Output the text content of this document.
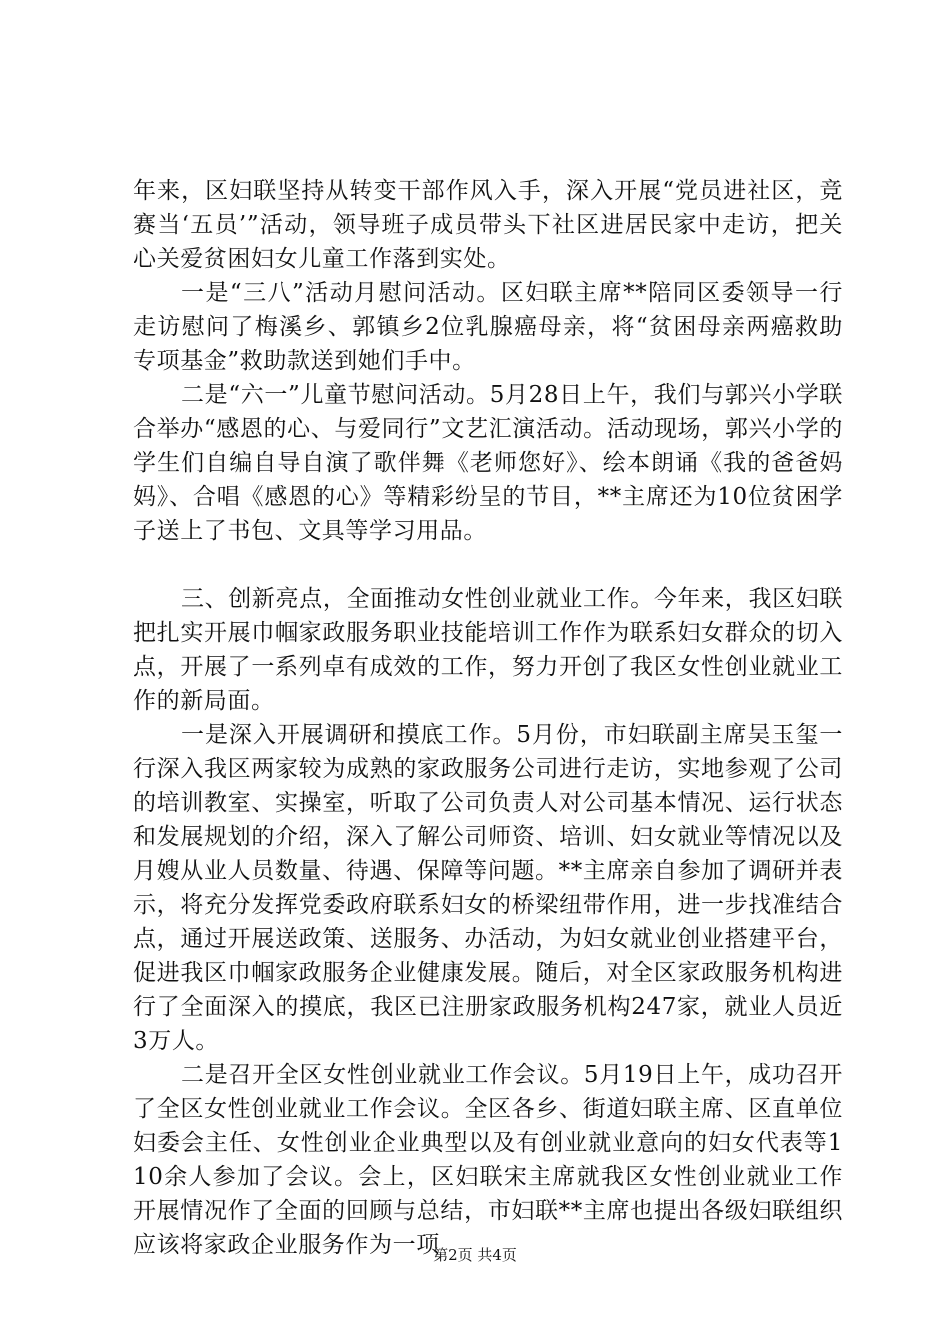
年来，区妇联坚持从转变干部作风入手，深入开展“党员进社区，竞赛当‘五员’”活动，领导班子成员带头下社区进居民家中走访，把关心关爱贫困妇女儿童工作落到实处。

一是“三八”活动月慰问活动。区妇联主席**陪同区委领导一行走访慰问了梅溪乡、郭镇乡2位乳腺癌母亲，将“贫困母亲两癌救助专项基金”救助款送到她们手中。

二是“六一”儿童节慰问活动。5月28日上午，我们与郭兴小学联合举办“感恩的心、与爱同行”文艺汇演活动。活动现场，郭兴小学的学生们自编自导自演了歌伴舞《老师您好》、绘本朗诵《我的爸爸妈妈》、合唱《感恩的心》等精彩纷呈的节目，**主席还为10位贫困学子送上了书包、文具等学习用品。

三、创新亮点，全面推动女性创业就业工作。今年来，我区妇联把扎实开展巾帼家政服务职业技能培训工作作为联系妇女群众的切入点，开展了一系列卓有成效的工作，努力开创了我区女性创业就业工作的新局面。

一是深入开展调研和摸底工作。5月份，市妇联副主席吴玉玺一行深入我区两家较为成熟的家政服务公司进行走访，实地参观了公司的培训教室、实操室，听取了公司负责人对公司基本情况、运行状态和发展规划的介绍，深入了解公司师资、培训、妇女就业等情况以及月嫂从业人员数量、待遇、保障等问题。**主席亲自参加了调研并表示，将充分发挥党委政府联系妇女的桥梁纽带作用，进一步找准结合点，通过开展送政策、送服务、办活动，为妇女就业创业搭建平台，促进我区巾帼家政服务企业健康发展。随后，对全区家政服务机构进行了全面深入的摸底，我区已注册家政服务机构247家，就业人员近3万人。

二是召开全区女性创业就业工作会议。5月19日上午，成功召开了全区女性创业就业工作会议。全区各乡、街道妇联主席、区直单位妇委会主任、女性创业企业典型以及有创业就业意向的妇女代表等110余人参加了会议。会上，区妇联宋主席就我区女性创业就业工作开展情况作了全面的回顾与总结，市妇联**主席也提出各级妇联组织应该将家政企业服务作为一项

第2页 共4页
